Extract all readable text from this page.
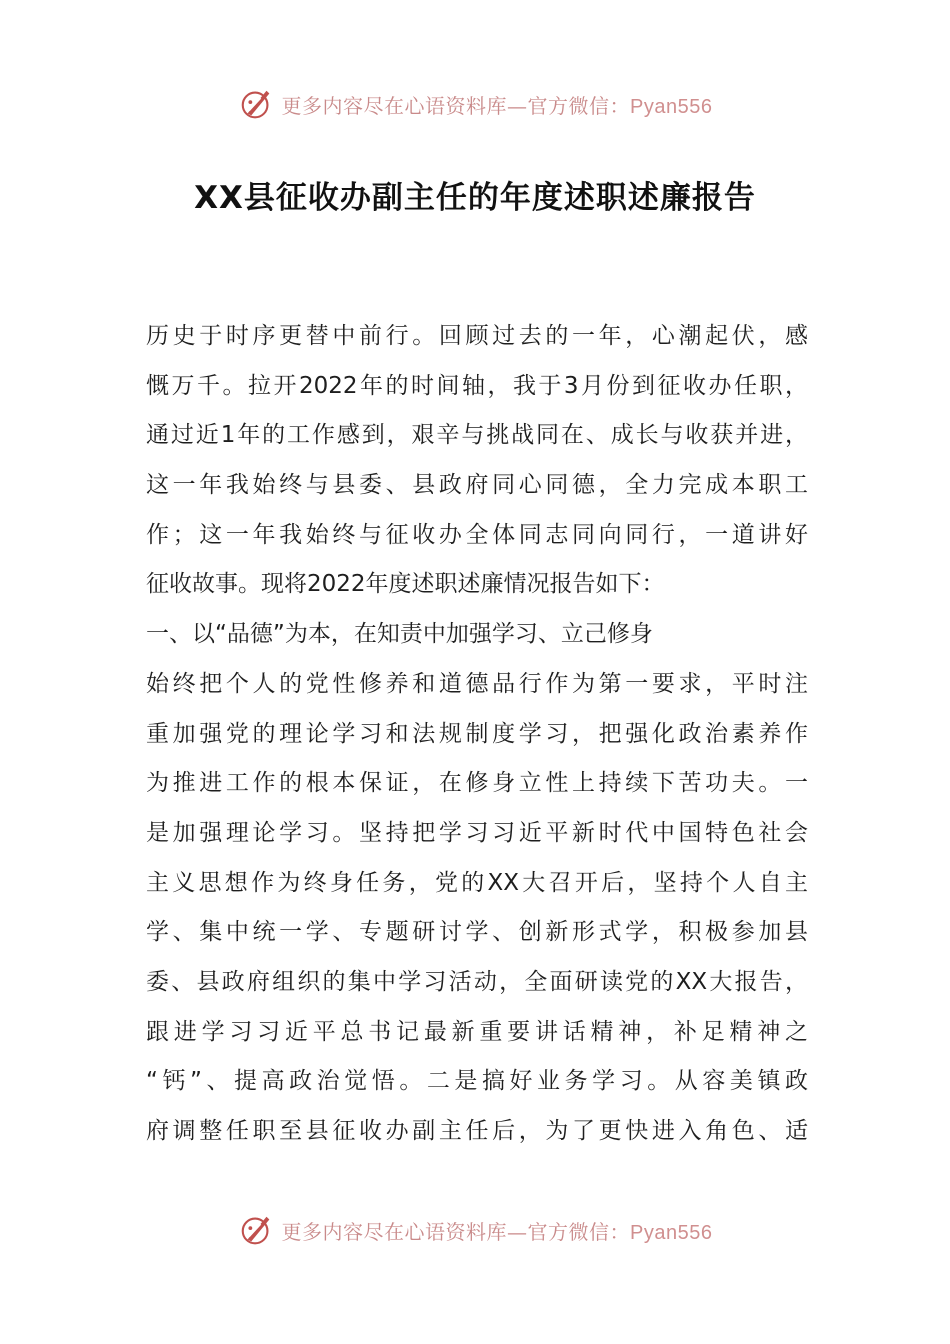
更多内容尽在心语资料库—官方微信：Pyan556
XX县征收办副主任的年度述职述廉报告
历史于时序更替中前行。回顾过去的一年，心潮起伏，感
慨万千。拉开2022年的时间轴，我于3月份到征收办任职，
通过近1年的工作感到，艰辛与挑战同在、成长与收获并进，
这一年我始终与县委、县政府同心同德，全力完成本职工
作；这一年我始终与征收办全体同志同向同行，一道讲好
征收故事。现将2022年度述职述廉情况报告如下：
一、以“品德”为本，在知责中加强学习、立己修身
始终把个人的党性修养和道德品行作为第一要求，平时注
重加强党的理论学习和法规制度学习，把强化政治素养作
为推进工作的根本保证，在修身立性上持续下苦功夫。一
是加强理论学习。坚持把学习习近平新时代中国特色社会
主义思想作为终身任务，党的XX大召开后，坚持个人自主
学、集中统一学、专题研讨学、创新形式学，积极参加县
委、县政府组织的集中学习活动，全面研读党的XX大报告，
跟进学习习近平总书记最新重要讲话精神，补足精神之
“钙”、提高政治觉悟。二是搞好业务学习。从容美镇政
府调整任职至县征收办副主任后，为了更快进入角色、适
更多内容尽在心语资料库—官方微信：Pyan556
